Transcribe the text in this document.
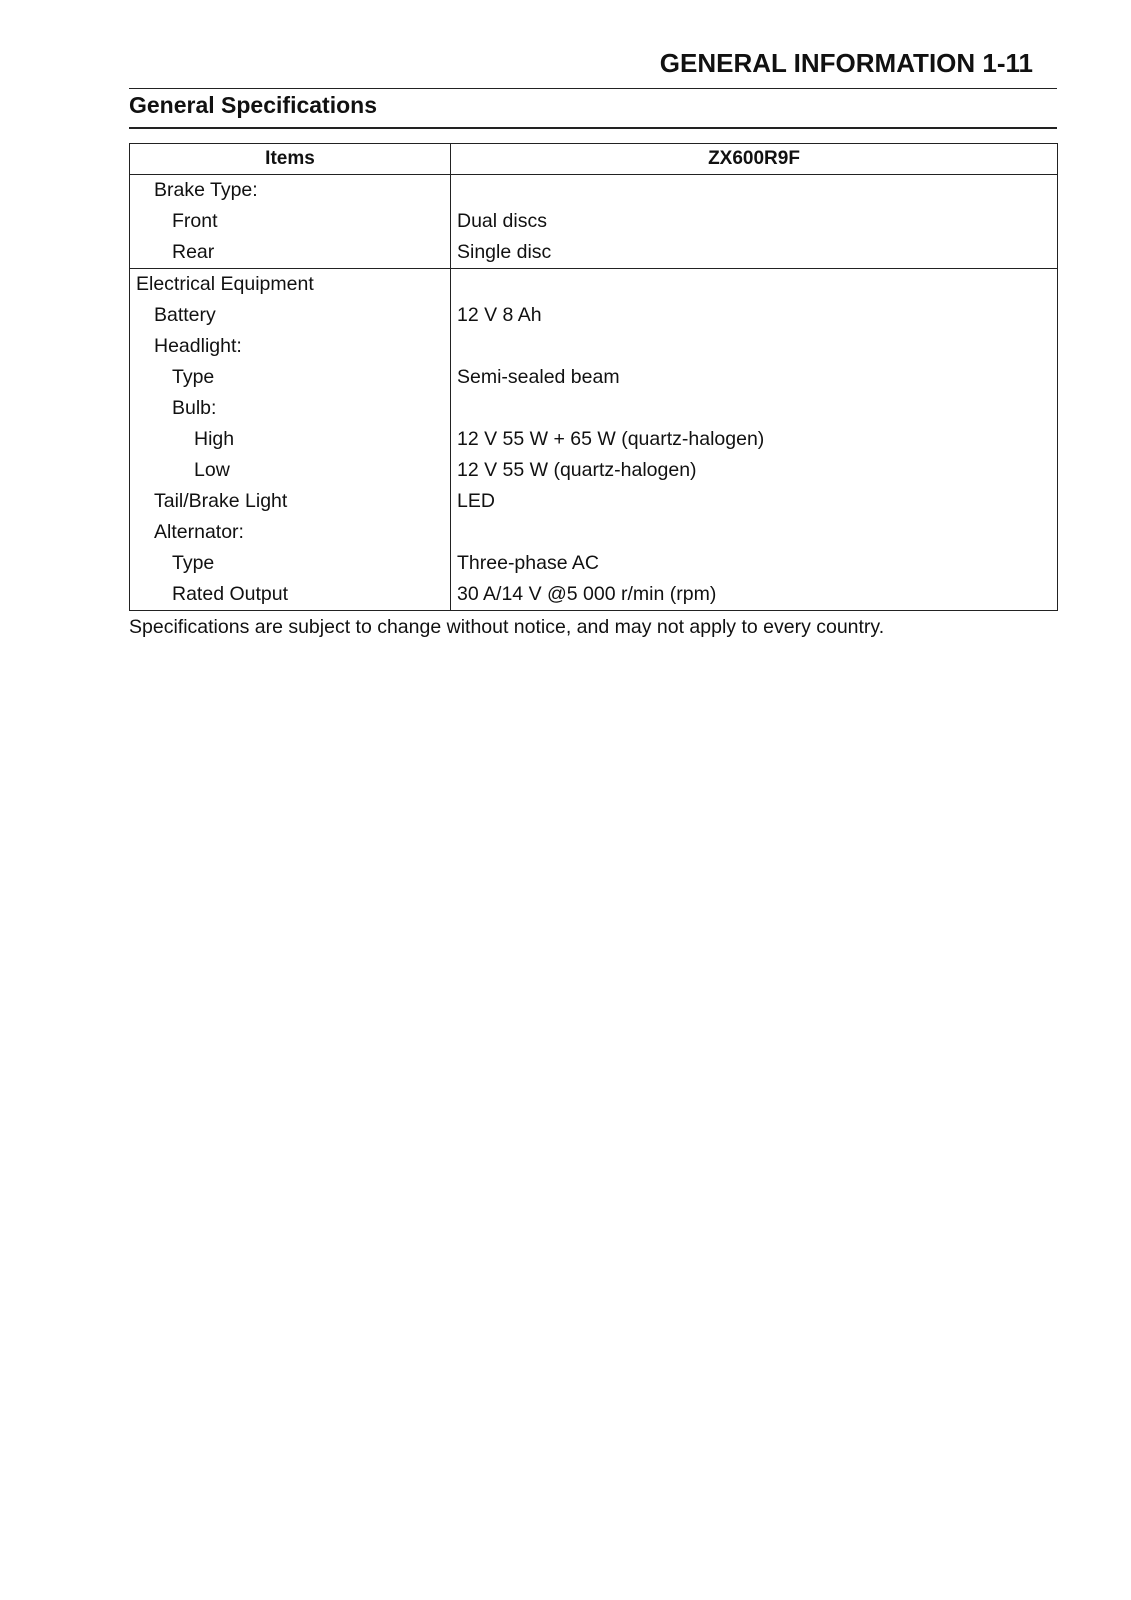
GENERAL INFORMATION 1-11
General Specifications
Items	ZX600R9F
Brake Type:	
Front	Dual discs
Rear	Single disc
Electrical Equipment	
Battery	12 V 8 Ah
Headlight:	
Type	Semi-sealed beam
Bulb:	
High	12 V 55 W + 65 W (quartz-halogen)
Low	12 V 55 W (quartz-halogen)
Tail/Brake Light	LED
Alternator:	
Type	Three-phase AC
Rated Output	30 A/14 V @5 000 r/min (rpm)
Specifications are subject to change without notice, and may not apply to every country.
